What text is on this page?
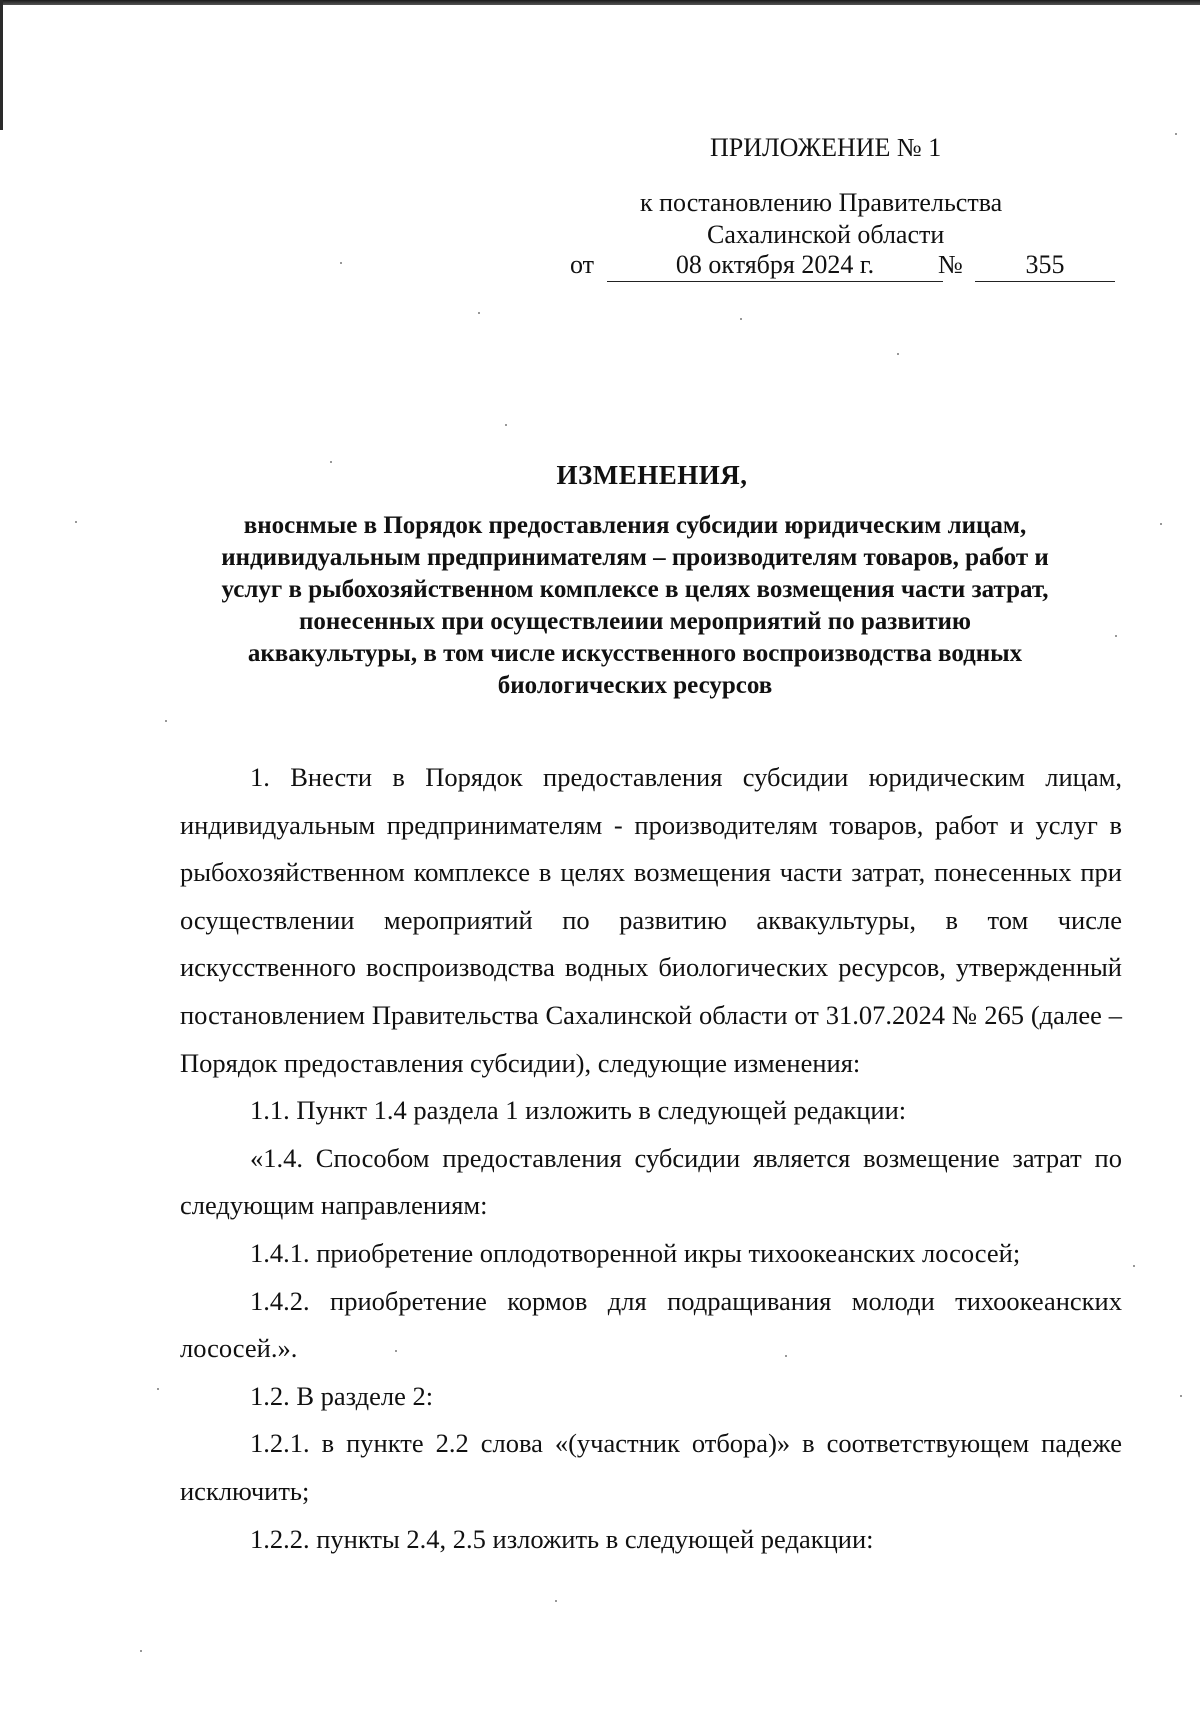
ПРИЛОЖЕНИЕ № 1
к постановлению Правительства
Сахалинской области
от	08 октября 2024 г.	№	355
ИЗМЕНЕНИЯ,
вноснмые в Порядок предоставления субсидии юридическим лицам,
индивидуальным предпринимателям – производителям товаров, работ и
услуг в рыбохозяйственном комплексе в целях возмещения части затрат,
понесенных при осуществлеиии мероприятий по развитию
аквакультуры, в том числе искусственного воспроизводства водных
биологических ресурсов

1. Внести в Порядок предоставления субсидии юридическим лицам, индивидуальным предпринимателям - производителям товаров, работ и услуг в рыбохозяйственном комплексе в целях возмещения части затрат, понесенных при осуществлении мероприятий по развитию аквакультуры, в том числе искусственного воспроизводства водных биологических ресурсов, утвержденный постановлением Правительства Сахалинской области от 31.07.2024 № 265 (далее – Порядок предоставления субсидии), следующие изменения:

1.1. Пункт 1.4 раздела 1 изложить в следующей редакции:

«1.4. Способом предоставления субсидии является возмещение затрат по следующим направлениям:

1.4.1. приобретение оплодотворенной икры тихоокеанских лососей;

1.4.2. приобретение кормов для подращивания молоди тихоокеанских лососей.».

1.2. В разделе 2:

1.2.1. в пункте 2.2 слова «(участник отбора)» в соответствующем падеже исключить;

1.2.2. пункты 2.4, 2.5 изложить в следующей редакции:
